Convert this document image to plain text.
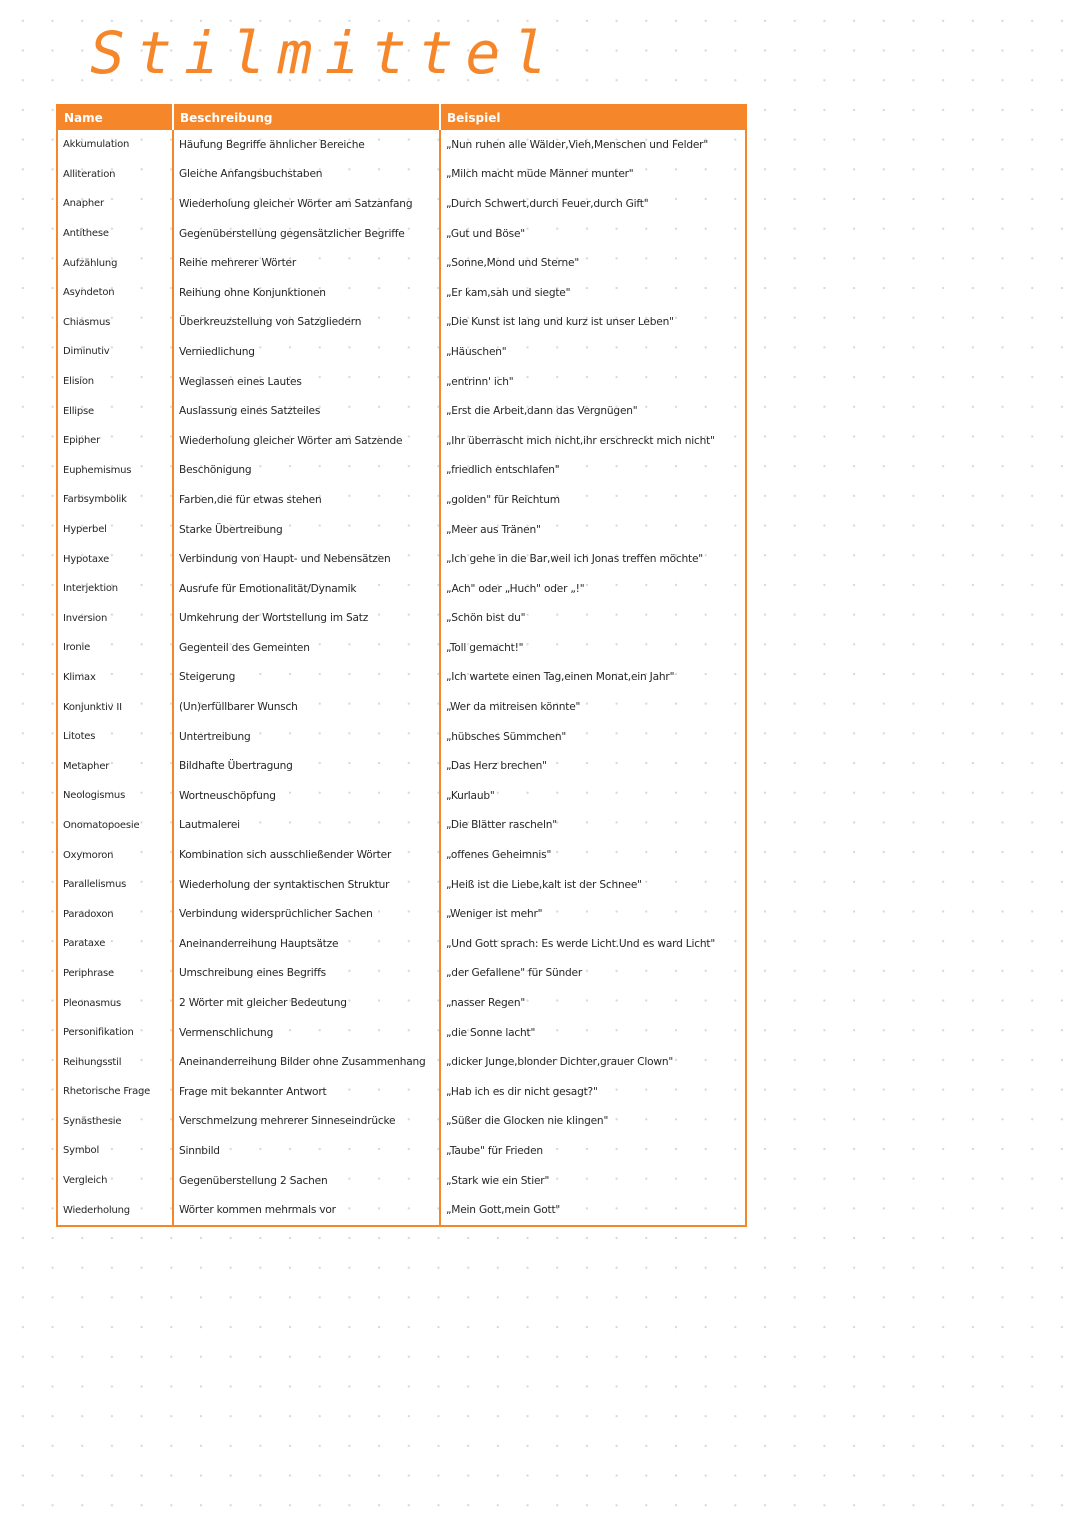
Stilmittel
Name	Beschreibung	Beispiel
Akkumulation	Häufung Begriffe ähnlicher Bereiche	„Nun ruhen alle Wälder,Vieh,Menschen und Felder"
Alliteration	Gleiche Anfangsbuchstaben	„Milch macht müde Männer munter"
Anapher	Wiederholung gleicher Wörter am Satzanfang	„Durch Schwert,durch Feuer,durch Gift"
Antithese	Gegenüberstellung gegensätzlicher Begriffe	„Gut und Böse"
Aufzählung	Reihe mehrerer Wörter	„Sonne,Mond und Sterne"
Asyndeton	Reihung ohne Konjunktionen	„Er kam,sah und siegte"
Chiasmus	Überkreuzstellung von Satzgliedern	„Die Kunst ist lang und kurz ist unser Leben"
Diminutiv	Verniedlichung	„Häuschen"
Elision	Weglassen eines Lautes	„entrinn' ich"
Ellipse	Auslassung eines Satzteiles	„Erst die Arbeit,dann das Vergnügen"
Epipher	Wiederholung gleicher Wörter am Satzende	„Ihr überrascht mich nicht,ihr erschreckt mich nicht"
Euphemismus	Beschönigung	„friedlich entschlafen"
Farbsymbolik	Farben,die für etwas stehen	„golden" für Reichtum
Hyperbel	Starke Übertreibung	„Meer aus Tränen"
Hypotaxe	Verbindung von Haupt- und Nebensätzen	„Ich gehe in die Bar,weil ich Jonas treffen möchte"
Interjektion	Ausrufe für Emotionalität/Dynamik	„Ach" oder „Huch" oder „!"
Inversion	Umkehrung der Wortstellung im Satz	„Schön bist du"
Ironie	Gegenteil des Gemeinten	„Toll gemacht!"
Klimax	Steigerung	„Ich wartete einen Tag,einen Monat,ein Jahr"
Konjunktiv II	(Un)erfüllbarer Wunsch	„Wer da mitreisen könnte"
Litotes	Untertreibung	„hübsches Sümmchen"
Metapher	Bildhafte Übertragung	„Das Herz brechen"
Neologismus	Wortneuschöpfung	„Kurlaub"
Onomatopoesie	Lautmalerei	„Die Blätter rascheln"
Oxymoron	Kombination sich ausschließender Wörter	„offenes Geheimnis"
Parallelismus	Wiederholung der syntaktischen Struktur	„Heiß ist die Liebe,kalt ist der Schnee"
Paradoxon	Verbindung widersprüchlicher Sachen	„Weniger ist mehr"
Parataxe	Aneinanderreihung Hauptsätze	„Und Gott sprach: Es werde Licht.Und es ward Licht"
Periphrase	Umschreibung eines Begriffs	„der Gefallene" für Sünder
Pleonasmus	2 Wörter mit gleicher Bedeutung	„nasser Regen"
Personifikation	Vermenschlichung	„die Sonne lacht"
Reihungsstil	Aneinanderreihung Bilder ohne Zusammenhang	„dicker Junge,blonder Dichter,grauer Clown"
Rhetorische Frage	Frage mit bekannter Antwort	„Hab ich es dir nicht gesagt?"
Synästhesie	Verschmelzung mehrerer Sinneseindrücke	„Süßer die Glocken nie klingen"
Symbol	Sinnbild	„Taube" für Frieden
Vergleich	Gegenüberstellung 2 Sachen	„Stark wie ein Stier"
Wiederholung	Wörter kommen mehrmals vor	„Mein Gott,mein Gott"
